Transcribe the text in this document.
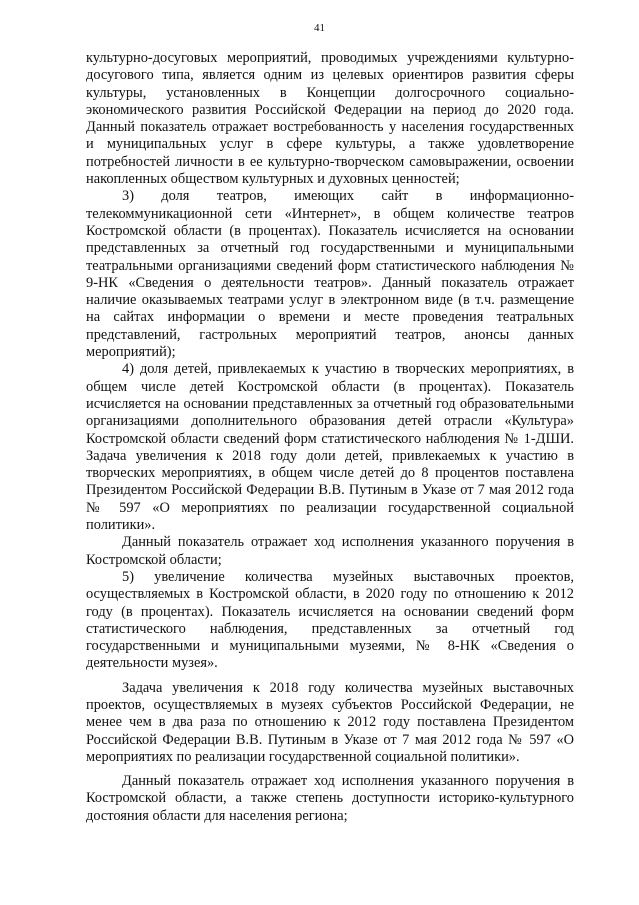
41

культурно-досуговых мероприятий, проводимых учреждениями культурно-досугового типа, является одним из целевых ориентиров развития сферы культуры, установленных в Концепции долгосрочного социально-экономического развития Российской Федерации на период до 2020 года. Данный показатель отражает востребованность у населения государственных и муниципальных услуг в сфере культуры, а также удовлетворение потребностей личности в ее культурно-творческом самовыражении, освоении накопленных обществом культурных и духовных ценностей;

3) доля театров, имеющих сайт в информационно-телекоммуникационной сети «Интернет», в общем количестве театров Костромской области (в процентах). Показатель исчисляется на основании представленных за отчетный год государственными и муниципальными театральными организациями сведений форм статистического наблюдения № 9-НК «Сведения о деятельности театров». Данный показатель отражает наличие оказываемых театрами услуг в электронном виде (в т.ч. размещение на сайтах информации о времени и месте проведения театральных представлений, гастрольных мероприятий театров, анонсы данных мероприятий);

4) доля детей, привлекаемых к участию в творческих мероприятиях, в общем числе детей Костромской области (в процентах). Показатель исчисляется на основании представленных за отчетный год образовательными организациями дополнительного образования детей отрасли «Культура» Костромской области сведений форм статистического наблюдения № 1-ДШИ. Задача увеличения к 2018 году доли детей, привлекаемых к участию в творческих мероприятиях, в общем числе детей до 8 процентов поставлена Президентом Российской Федерации В.В. Путиным в Указе от 7 мая 2012 года № 597 «О мероприятиях по реализации государственной социальной политики».

Данный показатель отражает ход исполнения указанного поручения в Костромской области;

5) увеличение количества музейных выставочных проектов, осуществляемых в Костромской области, в 2020 году по отношению к 2012 году (в процентах). Показатель исчисляется на основании сведений форм статистического наблюдения, представленных за отчетный год государственными и муниципальными музеями, № 8-НК «Сведения о деятельности музея».

Задача увеличения к 2018 году количества музейных выставочных проектов, осуществляемых в музеях субъектов Российской Федерации, не менее чем в два раза по отношению к 2012 году поставлена Президентом Российской Федерации В.В. Путиным в Указе от 7 мая 2012 года № 597 «О мероприятиях по реализации государственной социальной политики».

Данный показатель отражает ход исполнения указанного поручения в Костромской области, а также степень доступности историко-культурного достояния области для населения региона;
